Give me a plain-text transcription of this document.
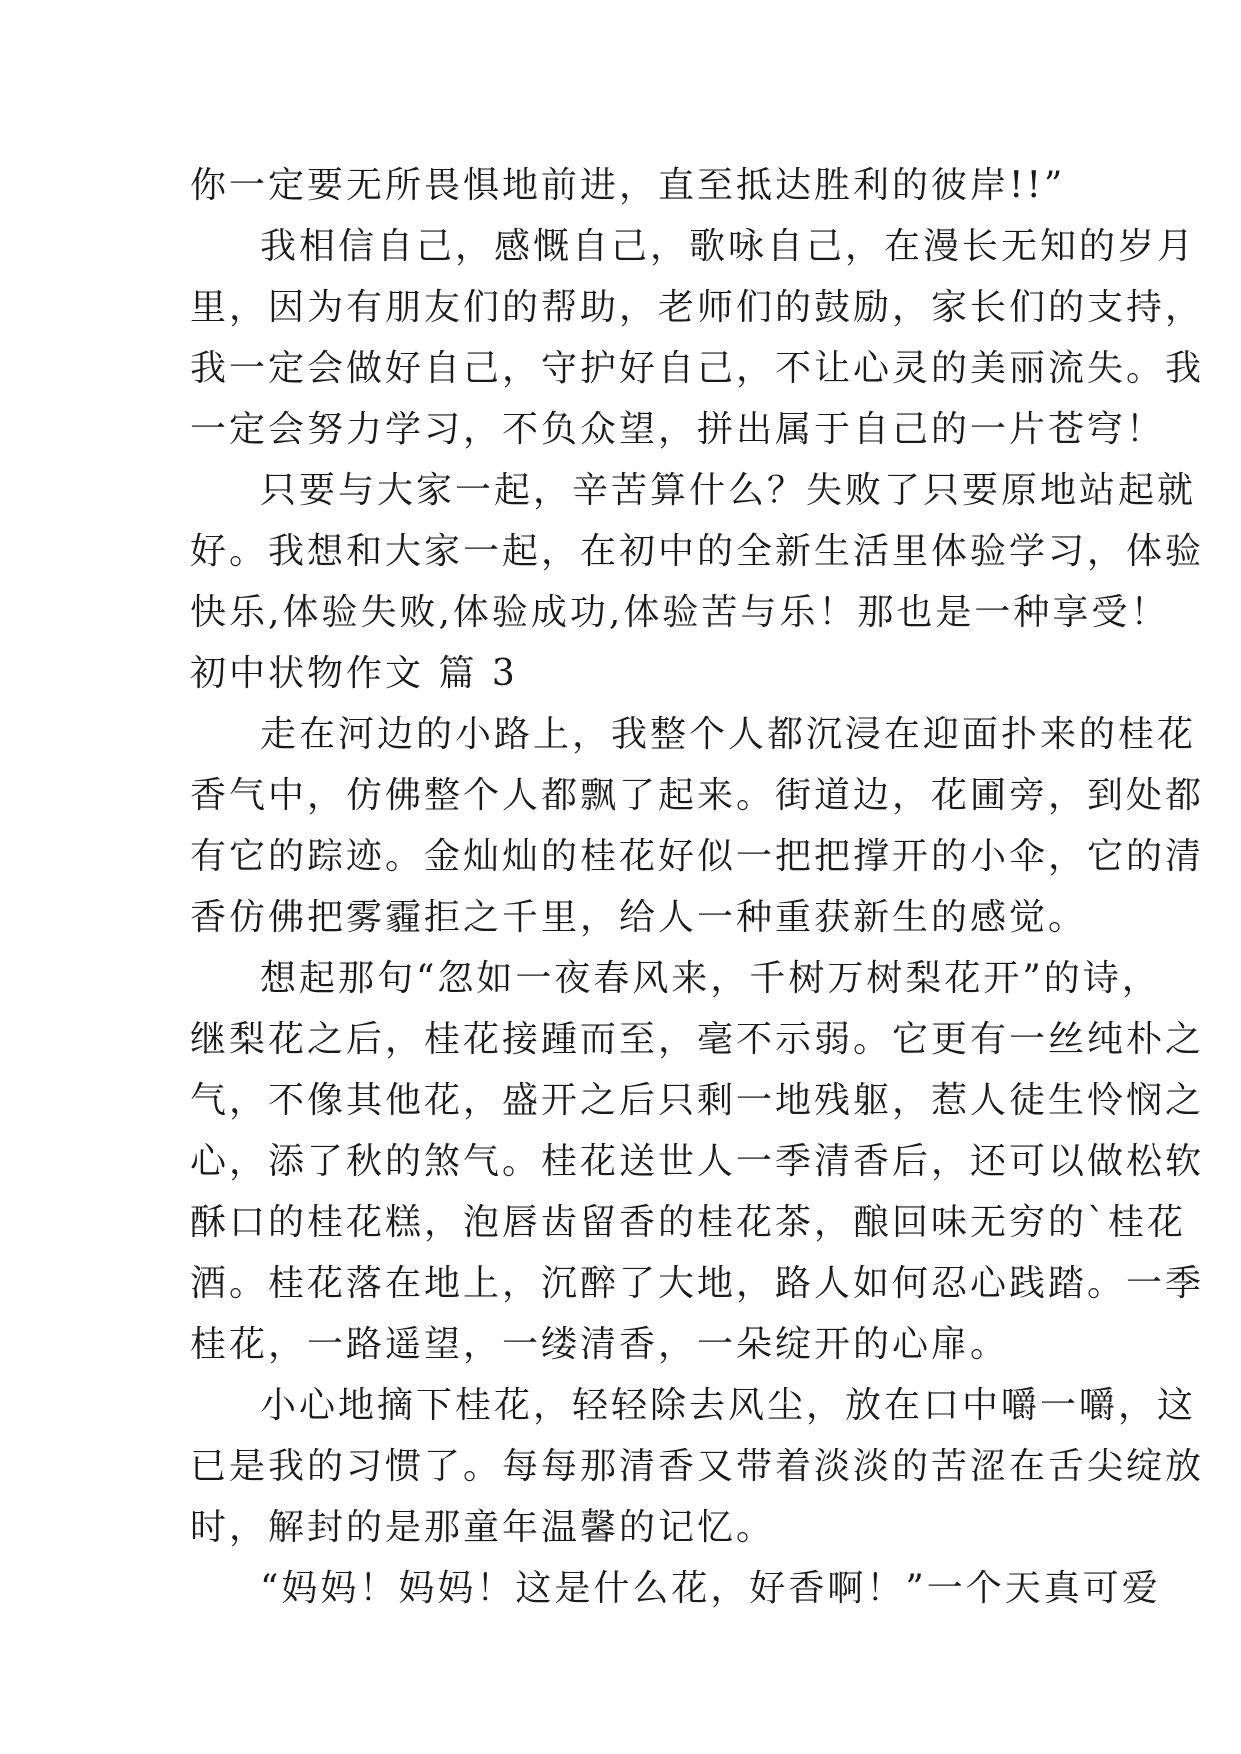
你一定要无所畏惧地前进，直至抵达胜利的彼岸!!”
我相信自己，感慨自己，歌咏自己，在漫长无知的岁月
里，因为有朋友们的帮助，老师们的鼓励，家长们的支持，
我一定会做好自己，守护好自己，不让心灵的美丽流失。我
一定会努力学习，不负众望，拼出属于自己的一片苍穹！
只要与大家一起，辛苦算什么？失败了只要原地站起就
好。我想和大家一起，在初中的全新生活里体验学习，体验
快乐,体验失败,体验成功,体验苦与乐！那也是一种享受！
初中状物作文 篇 3
走在河边的小路上，我整个人都沉浸在迎面扑来的桂花
香气中，仿佛整个人都飘了起来。街道边，花圃旁，到处都
有它的踪迹。金灿灿的桂花好似一把把撑开的小伞，它的清
香仿佛把雾霾拒之千里，给人一种重获新生的感觉。
想起那句“忽如一夜春风来，千树万树梨花开”的诗，
继梨花之后，桂花接踵而至，毫不示弱。它更有一丝纯朴之
气，不像其他花，盛开之后只剩一地残躯，惹人徒生怜悯之
心，添了秋的煞气。桂花送世人一季清香后，还可以做松软
酥口的桂花糕，泡唇齿留香的桂花茶，酿回味无穷的`桂花
酒。桂花落在地上，沉醉了大地，路人如何忍心践踏。一季
桂花，一路遥望，一缕清香，一朵绽开的心扉。
小心地摘下桂花，轻轻除去风尘，放在口中嚼一嚼，这
已是我的习惯了。每每那清香又带着淡淡的苦涩在舌尖绽放
时，解封的是那童年温馨的记忆。
“妈妈！妈妈！这是什么花，好香啊！”一个天真可爱
